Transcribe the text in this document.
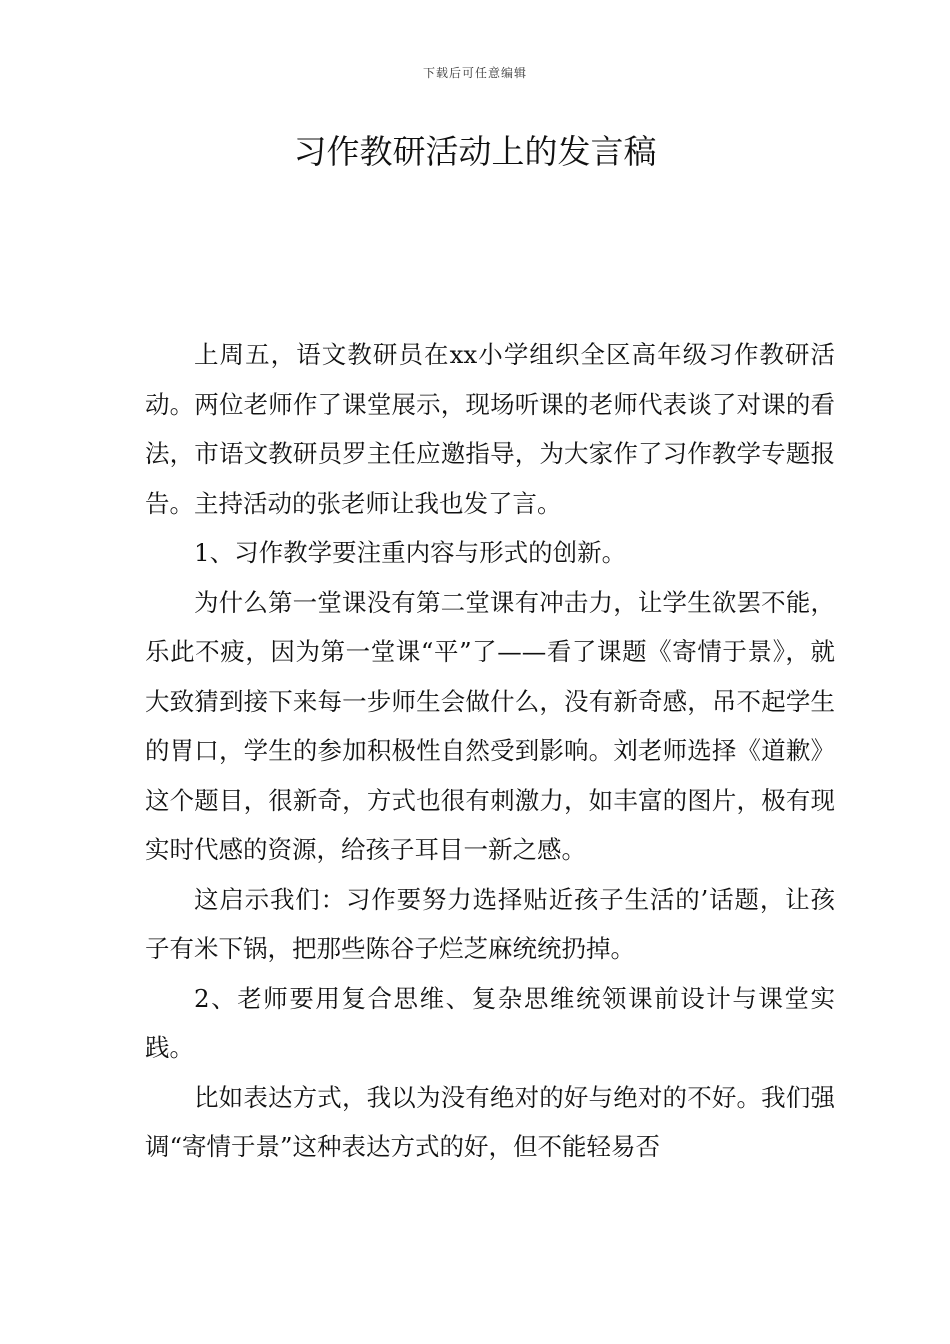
下载后可任意编辑
习作教研活动上的发言稿

上周五，语文教研员在xx小学组织全区高年级习作教研活动。两位老师作了课堂展示，现场听课的老师代表谈了对课的看法，市语文教研员罗主任应邀指导，为大家作了习作教学专题报告。主持活动的张老师让我也发了言。

1、习作教学要注重内容与形式的创新。

为什么第一堂课没有第二堂课有冲击力，让学生欲罢不能，乐此不疲，因为第一堂课“平”了——看了课题《寄情于景》，就大致猜到接下来每一步师生会做什么，没有新奇感，吊不起学生的胃口，学生的参加积极性自然受到影响。刘老师选择《道歉》这个题目，很新奇，方式也很有刺激力，如丰富的图片，极有现实时代感的资源，给孩子耳目一新之感。

这启示我们：习作要努力选择贴近孩子生活的’话题，让孩子有米下锅，把那些陈谷子烂芝麻统统扔掉。

2、老师要用复合思维、复杂思维统领课前设计与课堂实践。

比如表达方式，我以为没有绝对的好与绝对的不好。我们强调“寄情于景”这种表达方式的好，但不能轻易否
